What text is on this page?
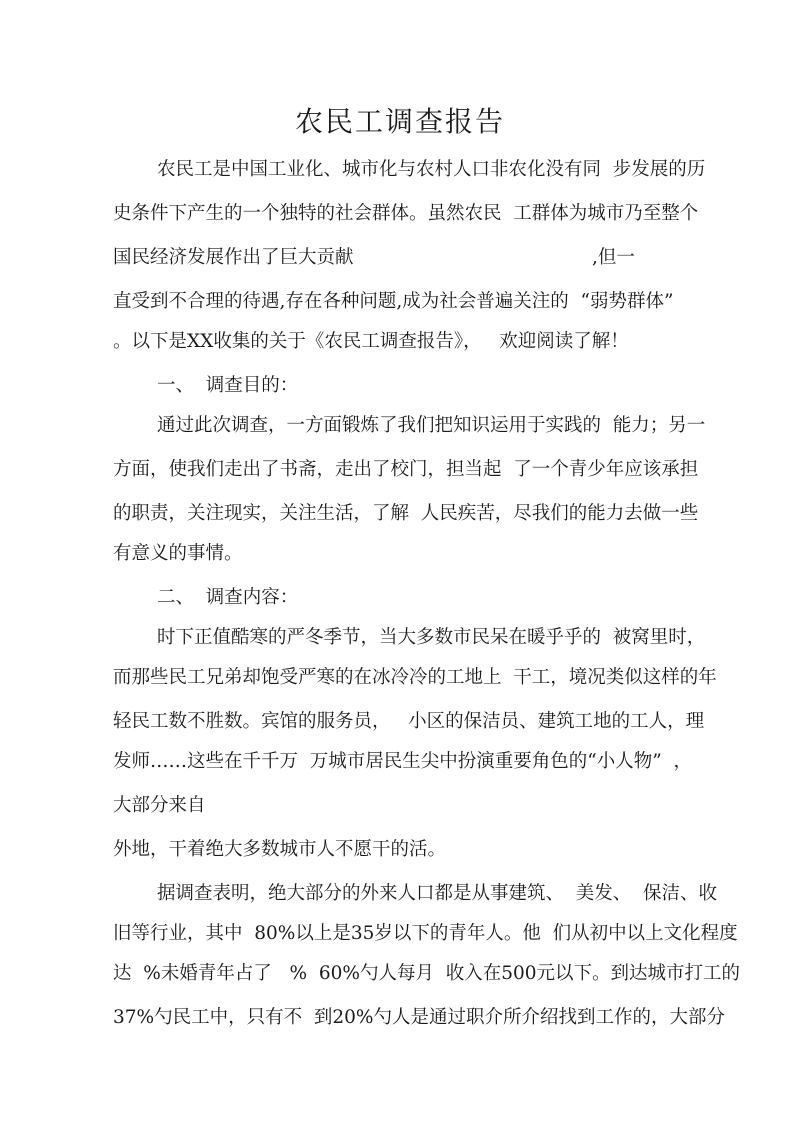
农民工调查报告
农民工是中国工业化、城市化与农村人口非农化没有同  步发展的历
史条件下产生的一个独特的社会群体。虽然农民  工群体为城市乃至整个
国民经济发展作出了巨大贡献	,但一
直受到不合理的待遇,存在各种问题,成为社会普遍关注的  “弱势群体”
。以下是XX收集的关于《农民工调查报告》，   欢迎阅读了解！
一、  调查目的：
通过此次调查，一方面锻炼了我们把知识运用于实践的  能力；另一
方面，使我们走出了书斋，走出了校门，担当起  了一个青少年应该承担
的职责，关注现实，关注生活，了解  人民疾苦，尽我们的能力去做一些
有意义的事情。
二、  调查内容：
时下正值酷寒的严冬季节，当大多数市民呆在暖乎乎的  被窝里时，
而那些民工兄弟却饱受严寒的在冰冷冷的工地上  干工，境况类似这样的年
轻民工数不胜数。宾馆的服务员，   小区的保洁员、建筑工地的工人，理
发师……这些在千千万  万城市居民生尖中扮演重要角色的“小人物”  ，
大部分来自
外地，干着绝大多数城市人不愿干的活。
据调查表明，绝大部分的外来人口都是从事建筑、  美发、  保洁、收
旧等行业，其中  80%以上是35岁以下的青年人。他  们从初中以上文化程度
达  %未婚青年占了   %  60%勺人每月  收入在500元以下。到达城市打工的
37%勺民工中，只有不  到20%勺人是通过职介所介绍找到工作的，大部分
